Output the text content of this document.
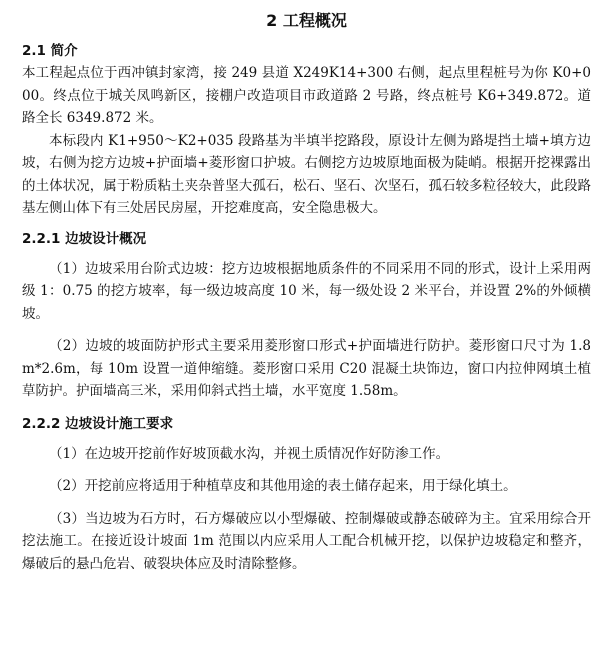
2 工程概况
2.1 简介

本工程起点位于西冲镇封家湾，接 249 县道 X249K14+300 右侧，起点里程桩号为你 K0+000。终点位于城关凤鸣新区，接棚户改造项目市政道路 2 号路，终点桩号 K6+349.872。道路全长 6349.872 米。

本标段内 K1+950～K2+035 段路基为半填半挖路段，原设计左侧为路堤挡土墙+填方边坡，右侧为挖方边坡+护面墙+菱形窗口护坡。右侧挖方边坡原地面极为陡峭。根据开挖裸露出的土体状况，属于粉质粘土夹杂普坚大孤石，松石、坚石、次坚石，孤石较多粒径较大，此段路基左侧山体下有三处居民房屋，开挖难度高，安全隐患极大。

2.2.1 边坡设计概况

（1）边坡采用台阶式边坡：挖方边坡根据地质条件的不同采用不同的形式，设计上采用两级 1：0.75 的挖方坡率，每一级边坡高度 10 米，每一级处设 2 米平台，并设置 2%的外倾横坡。

（2）边坡的坡面防护形式主要采用菱形窗口形式+护面墙进行防护。菱形窗口尺寸为 1.8m*2.6m，每 10m 设置一道伸缩缝。菱形窗口采用 C20 混凝土块饰边，窗口内拉伸网填土植草防护。护面墙高三米，采用仰斜式挡土墙，水平宽度 1.58m。

2.2.2 边坡设计施工要求

（1）在边坡开挖前作好坡顶截水沟，并视土质情况作好防渗工作。

（2）开挖前应将适用于种植草皮和其他用途的表土储存起来，用于绿化填土。

（3）当边坡为石方时，石方爆破应以小型爆破、控制爆破或静态破碎为主。宜采用综合开挖法施工。在接近设计坡面 1m 范围以内应采用人工配合机械开挖，以保护边坡稳定和整齐，爆破后的悬凸危岩、破裂块体应及时清除整修。
